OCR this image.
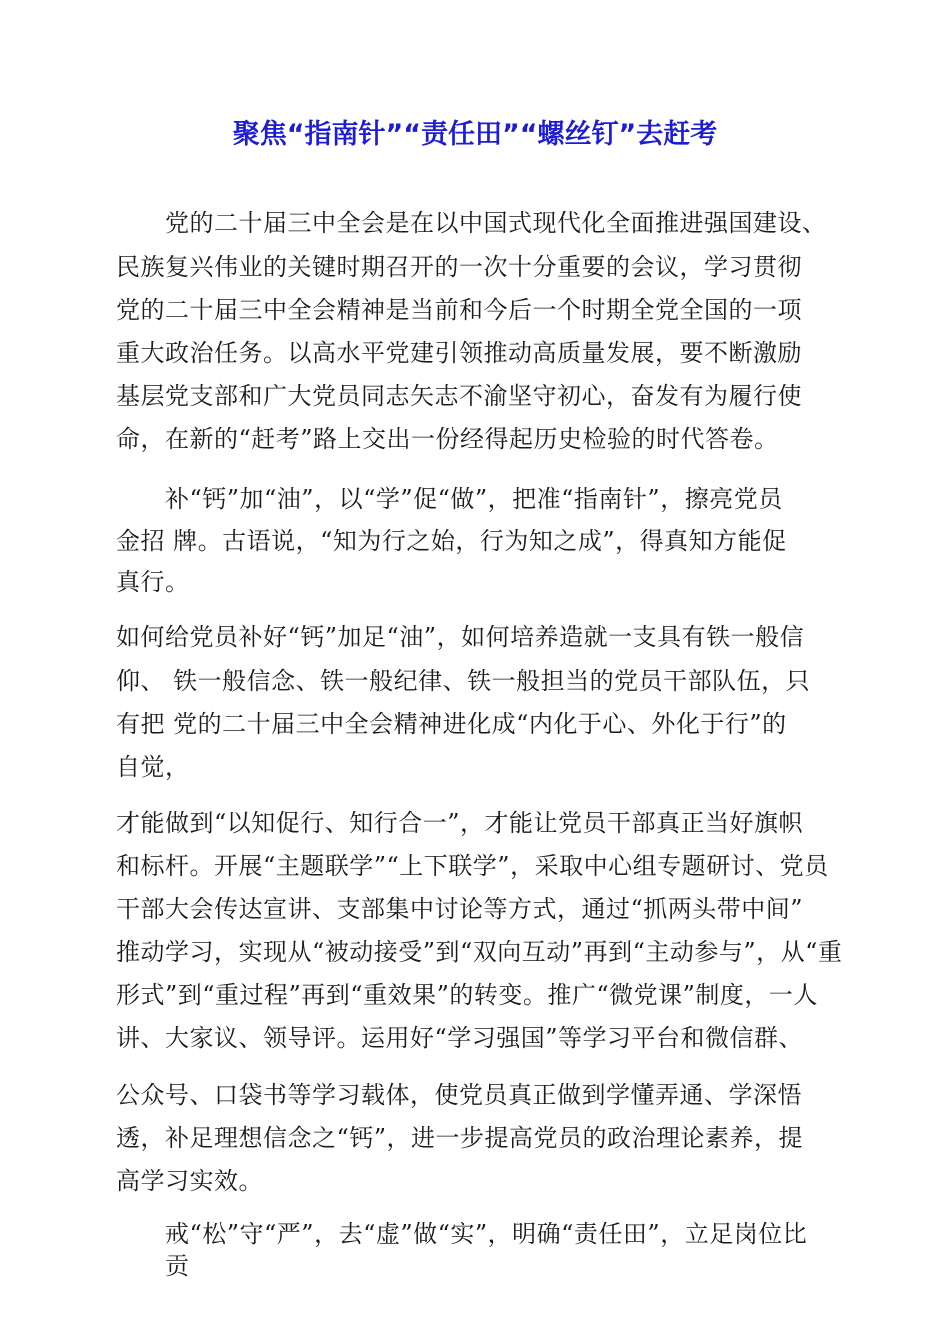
聚焦“指南针”“责任田”“螺丝钉”去赶考
党的二十届三中全会是在以中国式现代化全面推进强国建设、
民族复兴伟业的关键时期召开的一次十分重要的会议，学习贯彻
党的二十届三中全会精神是当前和今后一个时期全党全国的一项
重大政治任务。以高水平党建引领推动高质量发展，要不断激励
基层党支部和广大党员同志矢志不渝坚守初心，奋发有为履行使
命，在新的“赶考”路上交出一份经得起历史检验的时代答卷。
补“钙”加“油”，以“学”促“做”，把准“指南针”，擦亮党员
金招 牌。古语说，“知为行之始，行为知之成”，得真知方能促
真行。
如何给党员补好“钙”加足“油”，如何培养造就一支具有铁一般信
仰、 铁一般信念、铁一般纪律、铁一般担当的党员干部队伍，只
有把 党的二十届三中全会精神进化成“内化于心、外化于行”的
自觉，
才能做到“以知促行、知行合一”，才能让党员干部真正当好旗帜
和标杆。开展“主题联学”“上下联学”，采取中心组专题研讨、党员
干部大会传达宣讲、支部集中讨论等方式，通过“抓两头带中间”
推动学习，实现从“被动接受”到“双向互动”再到“主动参与”，从“重
形式”到“重过程”再到“重效果”的转变。推广“微党课”制度，一人
讲、大家议、领导评。运用好“学习强国”等学习平台和微信群、
公众号、口袋书等学习载体，使党员真正做到学懂弄通、学深悟
透，补足理想信念之“钙”，进一步提高党员的政治理论素养，提
高学习实效。
戒“松”守“严”，去“虚”做“实”，明确“责任田”，立足岗位比
贡
